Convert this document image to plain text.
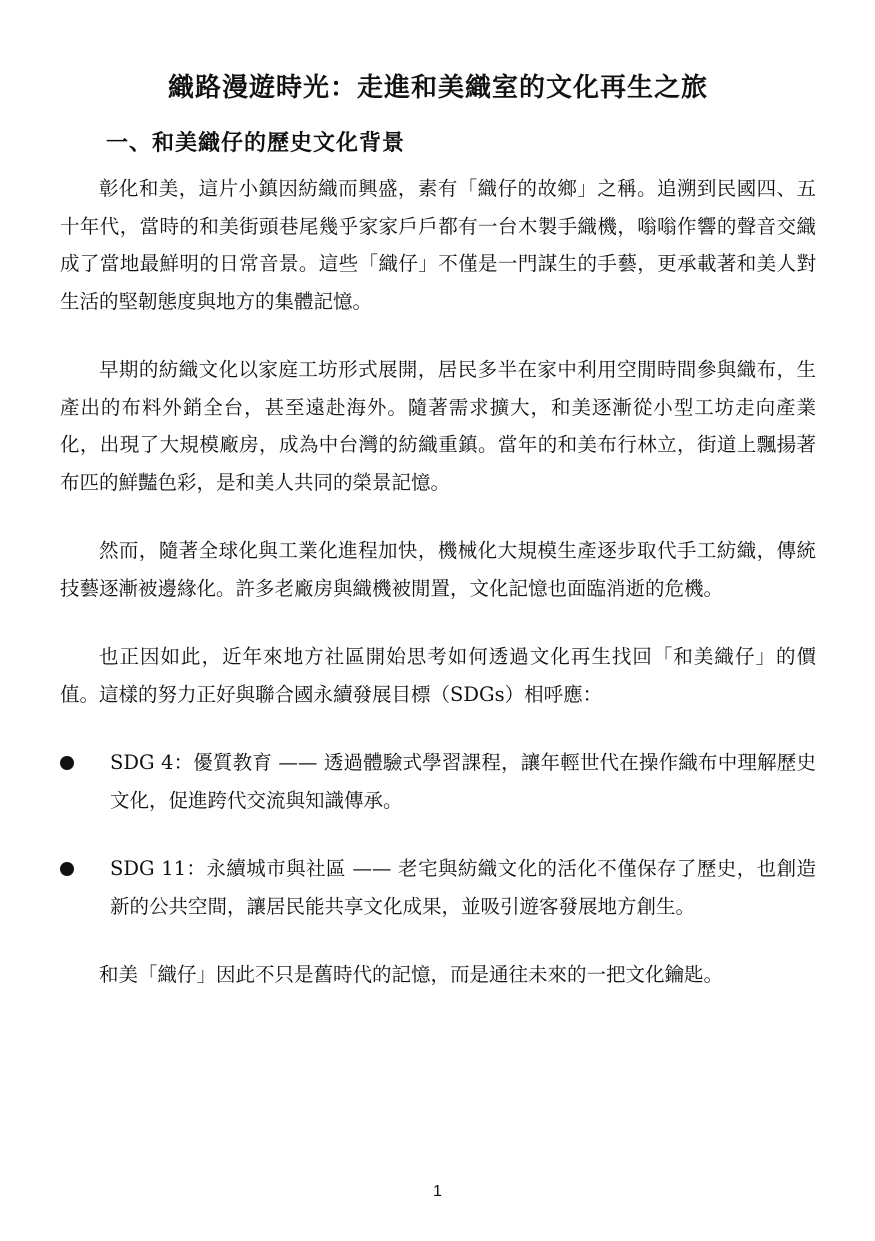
織路漫遊時光：走進和美織室的文化再生之旅
一、和美織仔的歷史文化背景

彰化和美，這片小鎮因紡織而興盛，素有「織仔的故鄉」之稱。追溯到民國四、五十年代，當時的和美街頭巷尾幾乎家家戶戶都有一台木製手織機，嗡嗡作響的聲音交織成了當地最鮮明的日常音景。這些「織仔」不僅是一門謀生的手藝，更承載著和美人對生活的堅韌態度與地方的集體記憶。

早期的紡織文化以家庭工坊形式展開，居民多半在家中利用空閒時間參與織布，生產出的布料外銷全台，甚至遠赴海外。隨著需求擴大，和美逐漸從小型工坊走向產業化，出現了大規模廠房，成為中台灣的紡織重鎮。當年的和美布行林立，街道上飄揚著布匹的鮮豔色彩，是和美人共同的榮景記憶。

然而，隨著全球化與工業化進程加快，機械化大規模生產逐步取代手工紡織，傳統技藝逐漸被邊緣化。許多老廠房與織機被閒置，文化記憶也面臨消逝的危機。

也正因如此，近年來地方社區開始思考如何透過文化再生找回「和美織仔」的價值。這樣的努力正好與聯合國永續發展目標（SDGs）相呼應：

SDG 4：優質教育 —— 透過體驗式學習課程，讓年輕世代在操作織布中理解歷史文化，促進跨代交流與知識傳承。
SDG 11：永續城市與社區 —— 老宅與紡織文化的活化不僅保存了歷史，也創造新的公共空間，讓居民能共享文化成果，並吸引遊客發展地方創生。

和美「織仔」因此不只是舊時代的記憶，而是通往未來的一把文化鑰匙。

1
